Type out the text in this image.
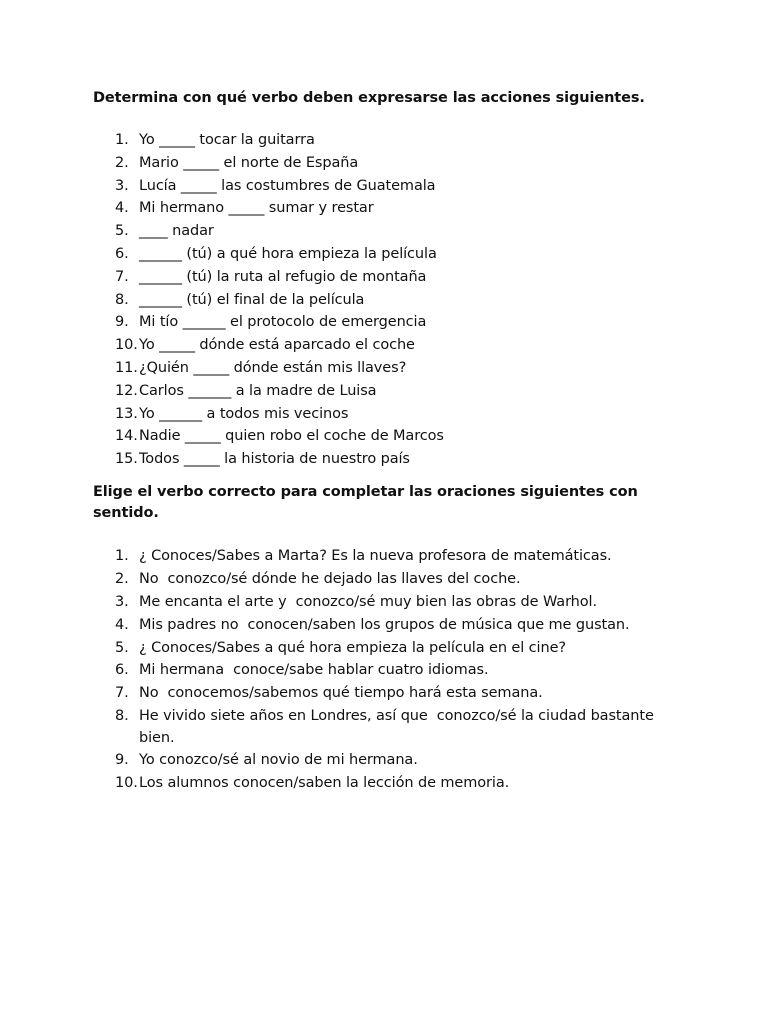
Determina con qué verbo deben expresarse las acciones siguientes.

1. Yo _____ tocar la guitarra
2. Mario _____ el norte de España
3. Lucía _____ las costumbres de Guatemala
4. Mi hermano _____ sumar y restar
5. ____ nadar
6. ______ (tú) a qué hora empieza la película
7. ______ (tú) la ruta al refugio de montaña
8. ______ (tú) el final de la película
9. Mi tío ______ el protocolo de emergencia
10. Yo _____ dónde está aparcado el coche
11. ¿Quién _____ dónde están mis llaves?
12. Carlos ______ a la madre de Luisa
13. Yo ______ a todos mis vecinos
14. Nadie _____ quien robo el coche de Marcos
15. Todos _____ la historia de nuestro país

Elige el verbo correcto para completar las oraciones siguientes con sentido.

1. ¿ Conoces/Sabes a Marta? Es la nueva profesora de matemáticas.
2. No  conozco/sé dónde he dejado las llaves del coche.
3. Me encanta el arte y  conozco/sé muy bien las obras de Warhol.
4. Mis padres no  conocen/saben los grupos de música que me gustan.
5. ¿ Conoces/Sabes a qué hora empieza la película en el cine?
6. Mi hermana  conoce/sabe hablar cuatro idiomas.
7. No  conocemos/sabemos qué tiempo hará esta semana.
8. He vivido siete años en Londres, así que  conozco/sé la ciudad bastante bien.
9. Yo conozco/sé al novio de mi hermana.
10. Los alumnos conocen/saben la lección de memoria.
